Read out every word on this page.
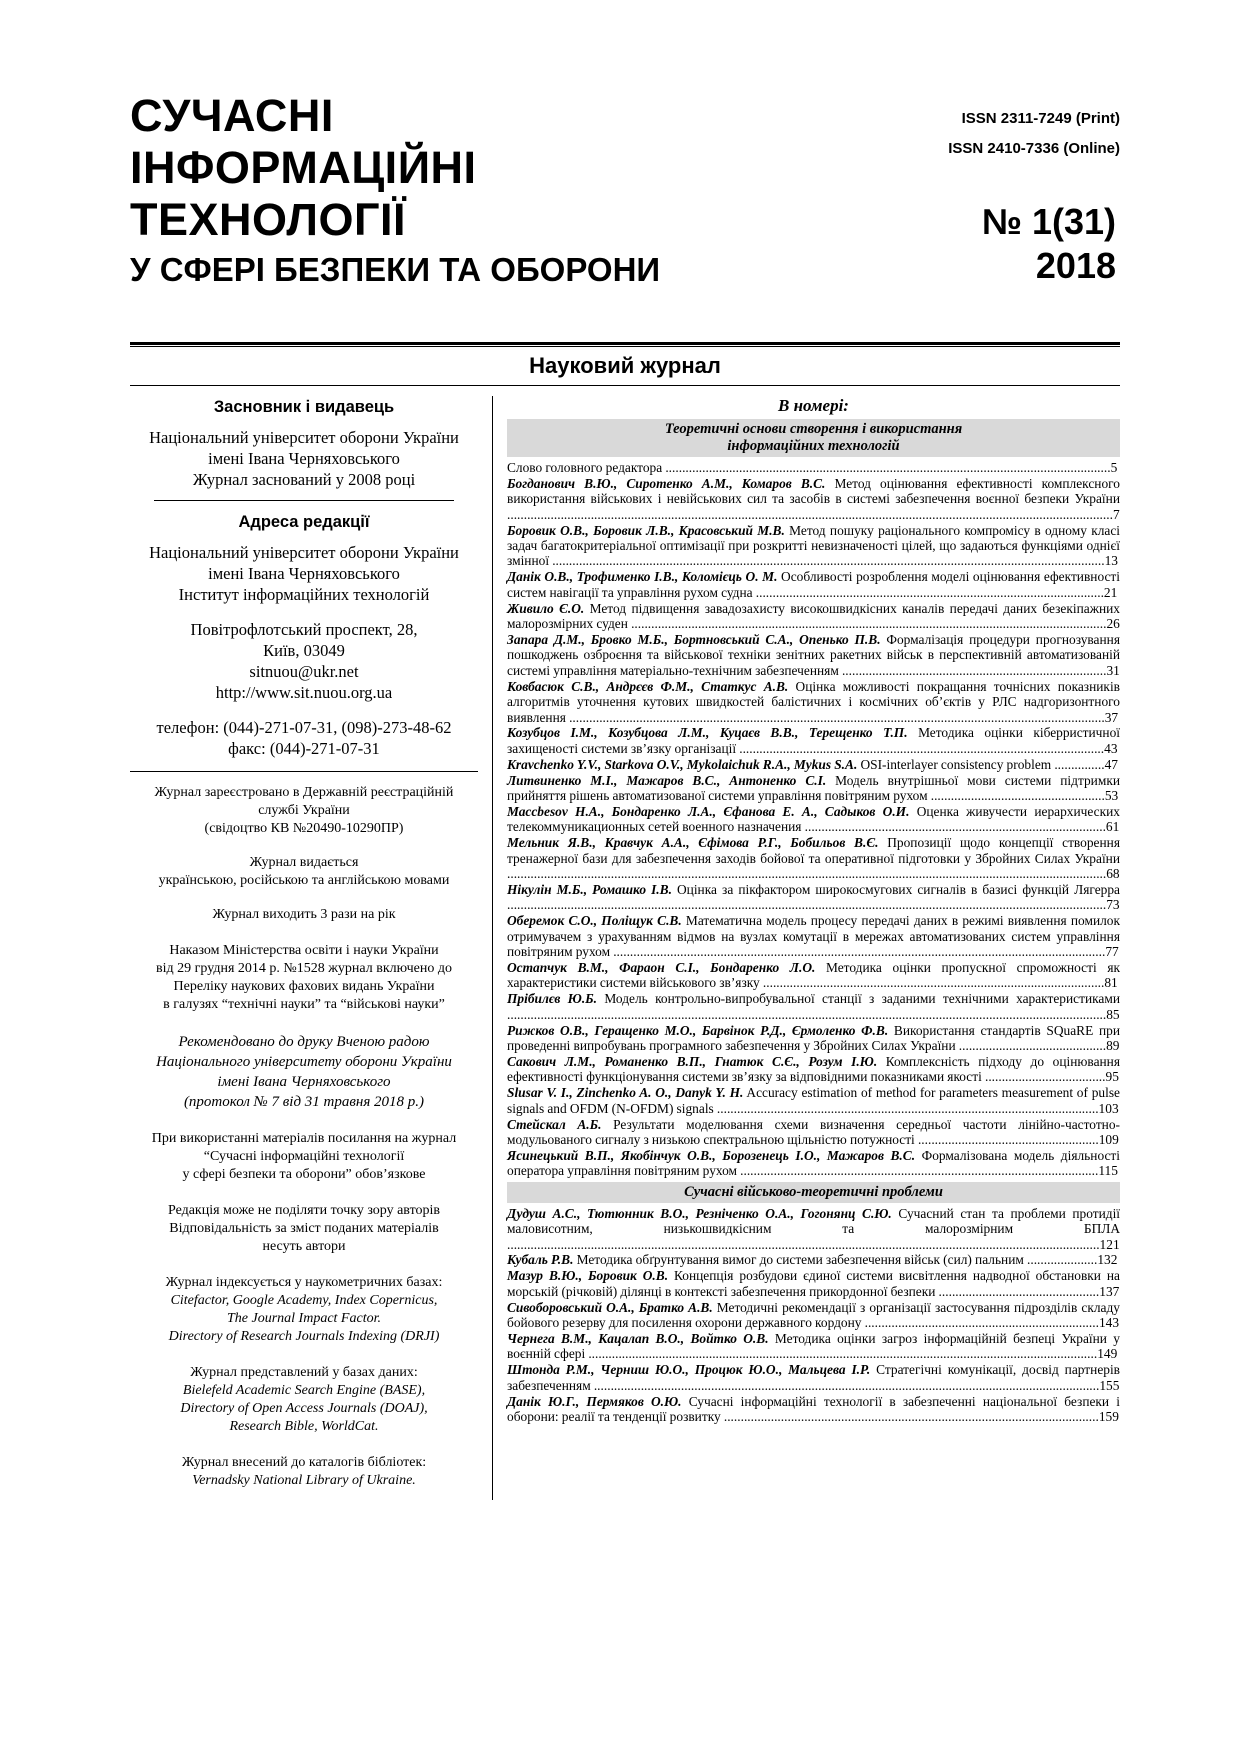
СУЧАСНІ
ІНФОРМАЦІЙНІ
ТЕХНОЛОГІЇ
У СФЕРІ БЕЗПЕКИ ТА ОБОРОНИ
ISSN 2311-7249 (Print)
ISSN 2410-7336 (Online)
№ 1(31)
2018
Науковий журнал
Засновник і видавець
Національний університет оборони України
імені Івана Черняховського
Журнал заснований у 2008 році
Адреса редакції
Національний університет оборони України
імені Івана Черняховського
Інститут інформаційних технологій
Повітрофлотський проспект, 28,
Київ, 03049
sitnuou@ukr.net
http://www.sit.nuou.org.ua
телефон: (044)-271-07-31, (098)-273-48-62
факс: (044)-271-07-31
Журнал зареєстровано в Державній реєстраційній
службі України
(свідоцтво КВ №20490-10290ПР)
Журнал видається
українською, російською та англійською мовами
Журнал виходить 3 рази на рік
Наказом Міністерства освіти і науки України
від 29 грудня 2014 р. №1528 журнал включено до
Переліку наукових фахових видань України
в галузях “технічні науки” та “військові науки”
Рекомендовано до друку Вченою радою
Національного університету оборони України
імені Івана Черняховського
(протокол № 7 від 31 травня 2018 р.)
При використанні матеріалів посилання на журнал
“Сучасні інформаційні технології
у сфері безпеки та оборони” обов’язкове
Редакція може не поділяти точку зору авторів
Відповідальність за зміст поданих матеріалів
несуть автори
Журнал індексується у наукометричних базах:
Citefactor, Google Academy, Index Copernicus,
The Journal Impact Factor.
Directory of Research Journals Indexing (DRJI)
Журнал представлений у базах даних:
Bielefeld Academic Search Engine (BASE),
Directory of Open Access Journals (DOAJ),
Research Bible, WorldCat.
Журнал внесений до каталогів бібліотек:
Vernadsky National Library of Ukraine.
В номері:
Теоретичні основи створення і використання
інформаційних технологій

Слово головного редактора .....................................................................................................................................5

Богданович В.Ю., Сиротенко А.М., Комаров В.С. Метод оцінювання ефективності комплексного використання військових і невійськових сил та засобів в системі забезпечення воєнної безпеки України .....................................................................................................................................................................................7

Боровик О.В., Боровик Л.В., Красовський М.В. Метод пошуку раціонального компромісу в одному класі задач багатокритеріальної оптимізації при розкритті невизначеності цілей, що задаються функціями однієї змінної .....................................................................................................................................................................13

Данік О.В., Трофименко І.В., Коломієць О. М. Особливості розроблення моделі оцінювання ефективності систем навігації та управління рухом судна ........................................................................................................21

Живило Є.О. Метод підвищення завадозахисту високошвидкісних каналів передачі даних безекіпажних малорозмірних суден ..............................................................................................................................................26

Запара Д.М., Бровко М.Б., Бортновський С.А., Опенько П.В. Формалізація процедури прогнозування пошкоджень озброєння та військової техніки зенітних ракетних військ в перспективній автоматизованій системі управління матеріально-технічним забезпеченням ...............................................................................31

Ковбасюк С.В., Андрєєв Ф.М., Статкус А.В. Оцінка можливості покращання точнісних показників алгоритмів уточнення кутових швидкостей балістичних і космічних об’єктів у РЛС надгоризонтного виявлення ................................................................................................................................................................37

Козубцов І.М., Козубцова Л.М., Куцаєв В.В., Терещенко Т.П. Методика оцінки кіберристичної захищеності системи зв’язку організації .............................................................................................................43

Kravchenko Y.V., Starkova O.V., Mykolaichuk R.A., Mykus S.A. OSI-interlayer consistency problem ...............47

Литвиненко М.І., Мажаров В.С., Антоненко С.І. Модель внутрішньої мови системи підтримки прийняття рішень автоматизованої системи управління повітряним рухом ....................................................53

Массbesov Н.А., Бондаренко Л.А., Єфанова Е. А., Садыков О.И. Оценка живучести иерархических телекоммуникационных сетей военного назначения ..........................................................................................61

Мельник Я.В., Кравчук А.А., Єфімова Р.Г., Бобильов В.Є. Пропозиції щодо концепції створення тренажерної бази для забезпечення заходів бойової та оперативної підготовки у Збройних Силах України ...................................................................................................................................................................................68

Нікулін М.Б., Ромашко І.В. Оцінка за пікфактором широкосмугових сигналів в базисі функцій Лягерра ...................................................................................................................................................................................73

Оберемок С.О., Поліщук С.В. Математична модель процесу передачі даних в режимі виявлення помилок отримувачем з урахуванням відмов на вузлах комутації в мережах автоматизованих систем управління повітряним рухом ...................................................................................................................................................77

Остапчук В.М., Фараон С.І., Бондаренко Л.О. Методика оцінки пропускної спроможності як характеристики системи військового зв’язку ......................................................................................................81

Прібилєв Ю.Б. Модель контрольно-випробувальної станції з заданими технічними характеристиками ...................................................................................................................................................................................85

Рижков О.В., Геращенко М.О., Барвінок Р.Д., Єрмоленко Ф.В. Використання стандартів SQuaRE при проведенні випробувань програмного забезпечення у Збройних Силах України ............................................89

Сакович Л.М., Романенко В.П., Гнатюк С.Є., Розум І.Ю. Комплексність підходу до оцінювання ефективності функціонування системи зв’язку за відповідними показниками якості ....................................95

Slusar V. I., Zinchenko A. O., Danyk Y. H. Accuracy estimation of method for parameters measurement of pulse signals and OFDM (N-OFDM) signals ..................................................................................................................103

Стейскал А.Б. Результати моделювання схеми визначення середньої частоти лінійно-частотно-модульованого сигналу з низькою спектральною щільністю потужності ......................................................109

Ясинецький В.П., Якобінчук О.В., Борозенець І.О., Мажаров В.С. Формалізована модель діяльності оператора управління повітряним рухом ...........................................................................................................115

Сучасні військово-теоретичні проблеми

Дудуш А.С., Тютюнник В.О., Резніченко О.А., Гогонянц С.Ю. Сучасний стан та проблеми протидії маловисотним, низькошвидкісним та малорозмірним БПЛА .................................................................................................................................................................................121

Кубаль Р.В. Методика обґрунтування вимог до системи забезпечення військ (сил) пальним .....................132

Мазур В.Ю., Боровик О.В. Концепція розбудови єдиної системи висвітлення надводної обстановки на морській (річковій) ділянці в контексті забезпечення прикордонної безпеки ................................................137

Сивоборовський О.А., Братко А.В. Методичні рекомендації з організації застосування підрозділів складу бойового резерву для посилення охорони державного кордону ......................................................................143

Чернега В.М., Кацалап В.О., Войтко О.В. Методика оцінки загроз інформаційній безпеці України у воєнній сфері ........................................................................................................................................................149

Штонда Р.М., Черниш Ю.О., Процюк Ю.О., Мальцева І.Р. Стратегічні комунікації, досвід партнерів забезпеченням .......................................................................................................................................................155

Данік Ю.Г., Пермяков О.Ю. Сучасні інформаційні технології в забезпеченні національної безпеки і оборони: реалії та тенденції розвитку ................................................................................................................159
